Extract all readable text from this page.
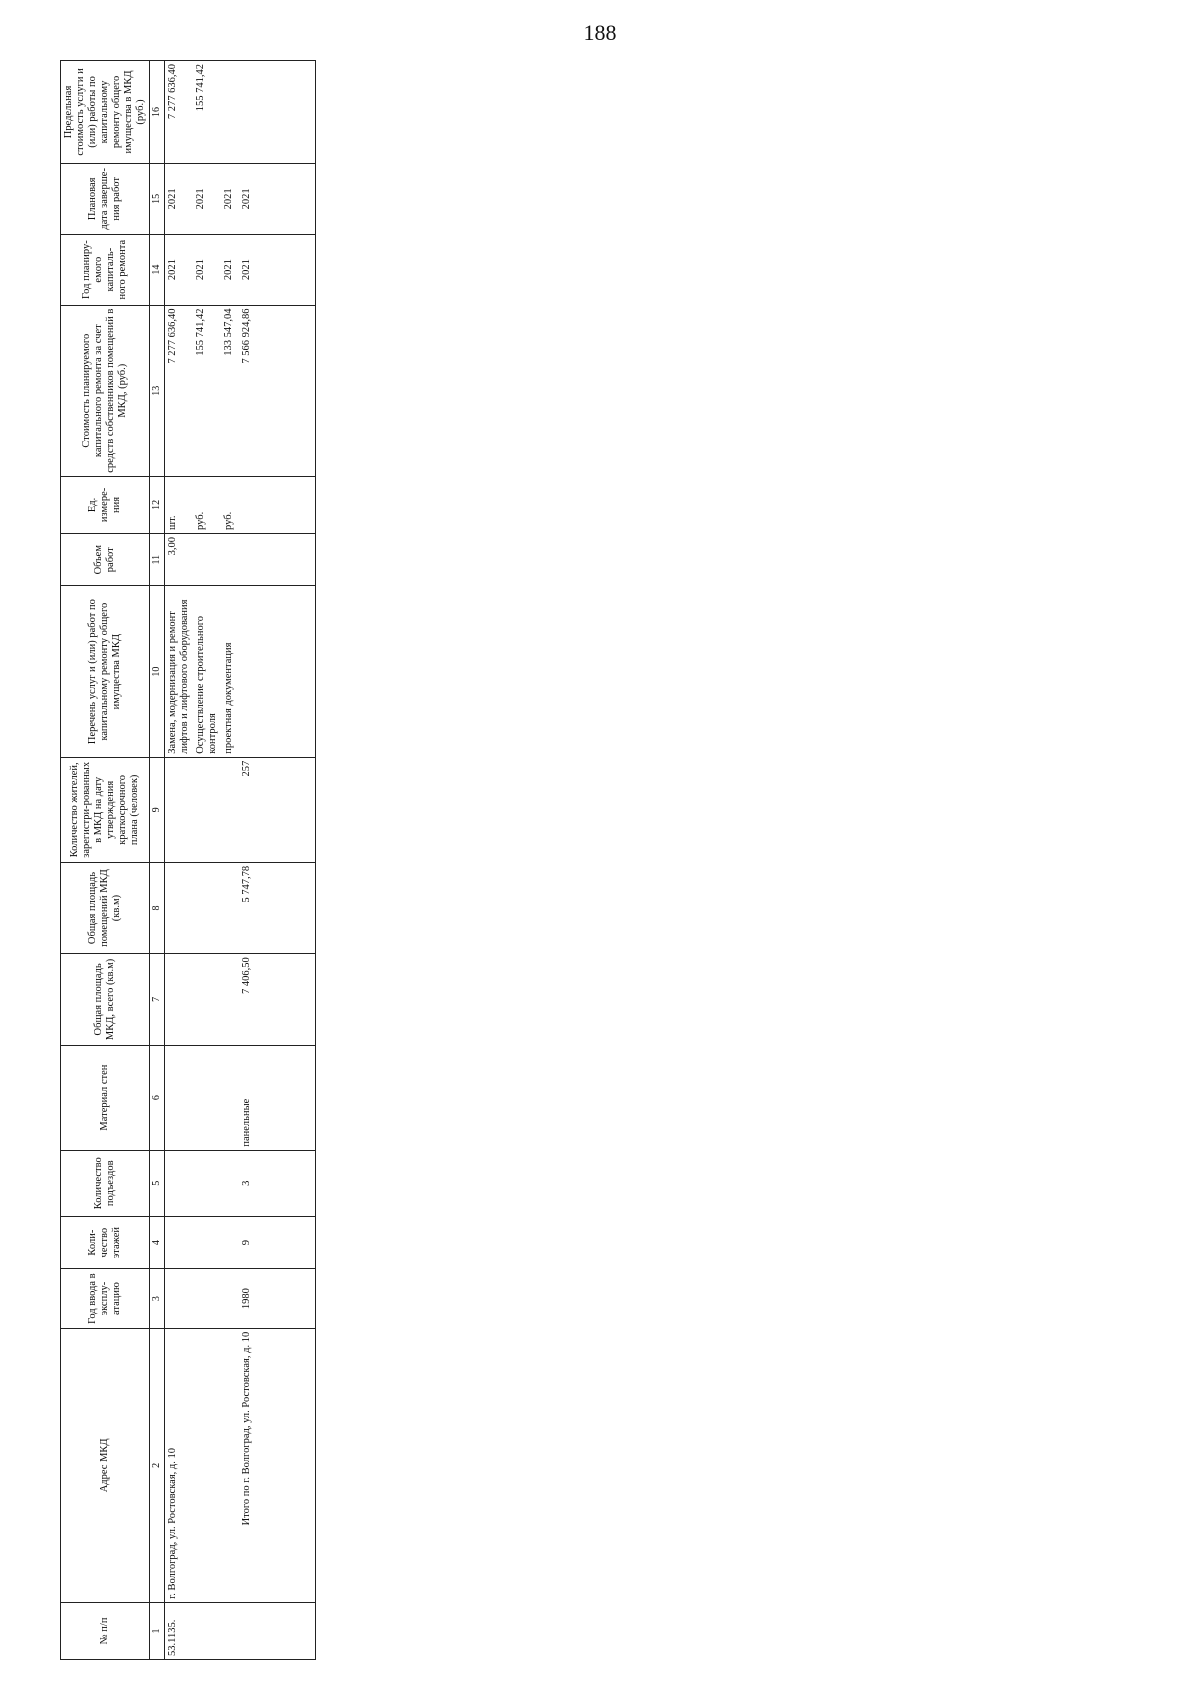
188
№ п/п	Адрес МКД	Год ввода в эксплу-атацию	Коли-чество этажей	Количество подъездов	Материал стен	Общая площадь МКД, всего (кв.м)	Общая площадь помещений МКД (кв.м)	Количество жителей, зарегистри-рованных в МКД на дату утверждения краткосрочного плана (человек)	Перечень услуг и (или) работ по капитальному ремонту общего имущества МКД	Объем работ	Ед. измере-ния	Стоимость планируемого капитального ремонта за счет средств собственников помещений в МКД, (руб.)	Год планиру-емого капиталь-ного ремонта	Плановая дата заверше-ния работ	Предельная стоимость услуги и (или) работы по капитальному ремонту общего имущества в МКД (руб.)
1	2	3	4	5	6	7	8	9	10	11	12	13	14	15	16
53.1135.	г. Волгоград, ул. Ростовская, д. 10								Замена, модернизация и ремонт лифтов и лифтового оборудования	3,00	шт.	7 277 636,40	2021	2021	7 277 636,40
									Осуществление строительного контроля		руб.	155 741,42	2021	2021	155 741,42
									проектная документация		руб.	133 547,04	2021	2021	
	Итого по г. Волгоград, ул. Ростовская, д. 10	1980	9	3	панельные	7 406,50	5 747,78	257				7 566 924,86	2021	2021	
